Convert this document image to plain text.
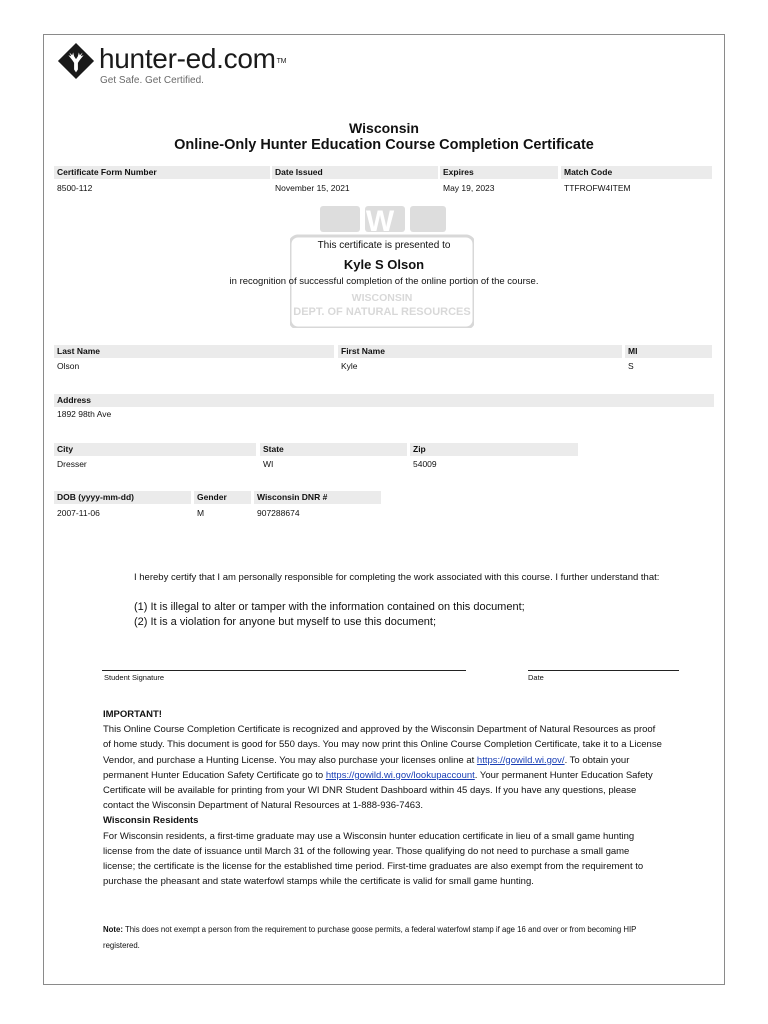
hunter-ed.com™
Get Safe. Get Certified.
Wisconsin
Online-Only Hunter Education Course Completion Certificate
Certificate Form Number	Date Issued	Expires	Match Code
8500-112	November 15, 2021	May 19, 2023	TTFROFW4ITEM
W
WISCONSIN
DEPT. OF NATURAL RESOURCES
This certificate is presented to
Kyle S Olson
in recognition of successful completion of the online portion of the course.
Last Name	First Name	MI
Olson	Kyle	S
Address
1892 98th Ave
City	State	Zip
Dresser	WI	54009
DOB (yyyy-mm-dd)	Gender	Wisconsin DNR #
2007-11-06	M	907288674
I hereby certify that I am personally responsible for completing the work associated with this course. I further understand that:
(1) It is illegal to alter or tamper with the information contained on this document;
(2) It is a violation for anyone but myself to use this document;
Student Signature	Date
IMPORTANT!
This Online Course Completion Certificate is recognized and approved by the Wisconsin Department of Natural Resources as proof of home study. This document is good for 550 days. You may now print this Online Course Completion Certificate, take it to a License Vendor, and purchase a Hunting License. You may also purchase your licenses online at https://gowild.wi.gov/. To obtain your permanent Hunter Education Safety Certificate go to https://gowild.wi.gov/lookupaccount. Your permanent Hunter Education Safety Certificate will be available for printing from your WI DNR Student Dashboard within 45 days. If you have any questions, please contact the Wisconsin Department of Natural Resources at 1-888-936-7463.
Wisconsin Residents
For Wisconsin residents, a first-time graduate may use a Wisconsin hunter education certificate in lieu of a small game hunting license from the date of issuance until March 31 of the following year. Those qualifying do not need to purchase a small game license; the certificate is the license for the established time period. First-time graduates are also exempt from the requirement to purchase the pheasant and state waterfowl stamps while the certificate is valid for small game hunting.
Note: This does not exempt a person from the requirement to purchase goose permits, a federal waterfowl stamp if age 16 and over or from becoming HIP registered.
